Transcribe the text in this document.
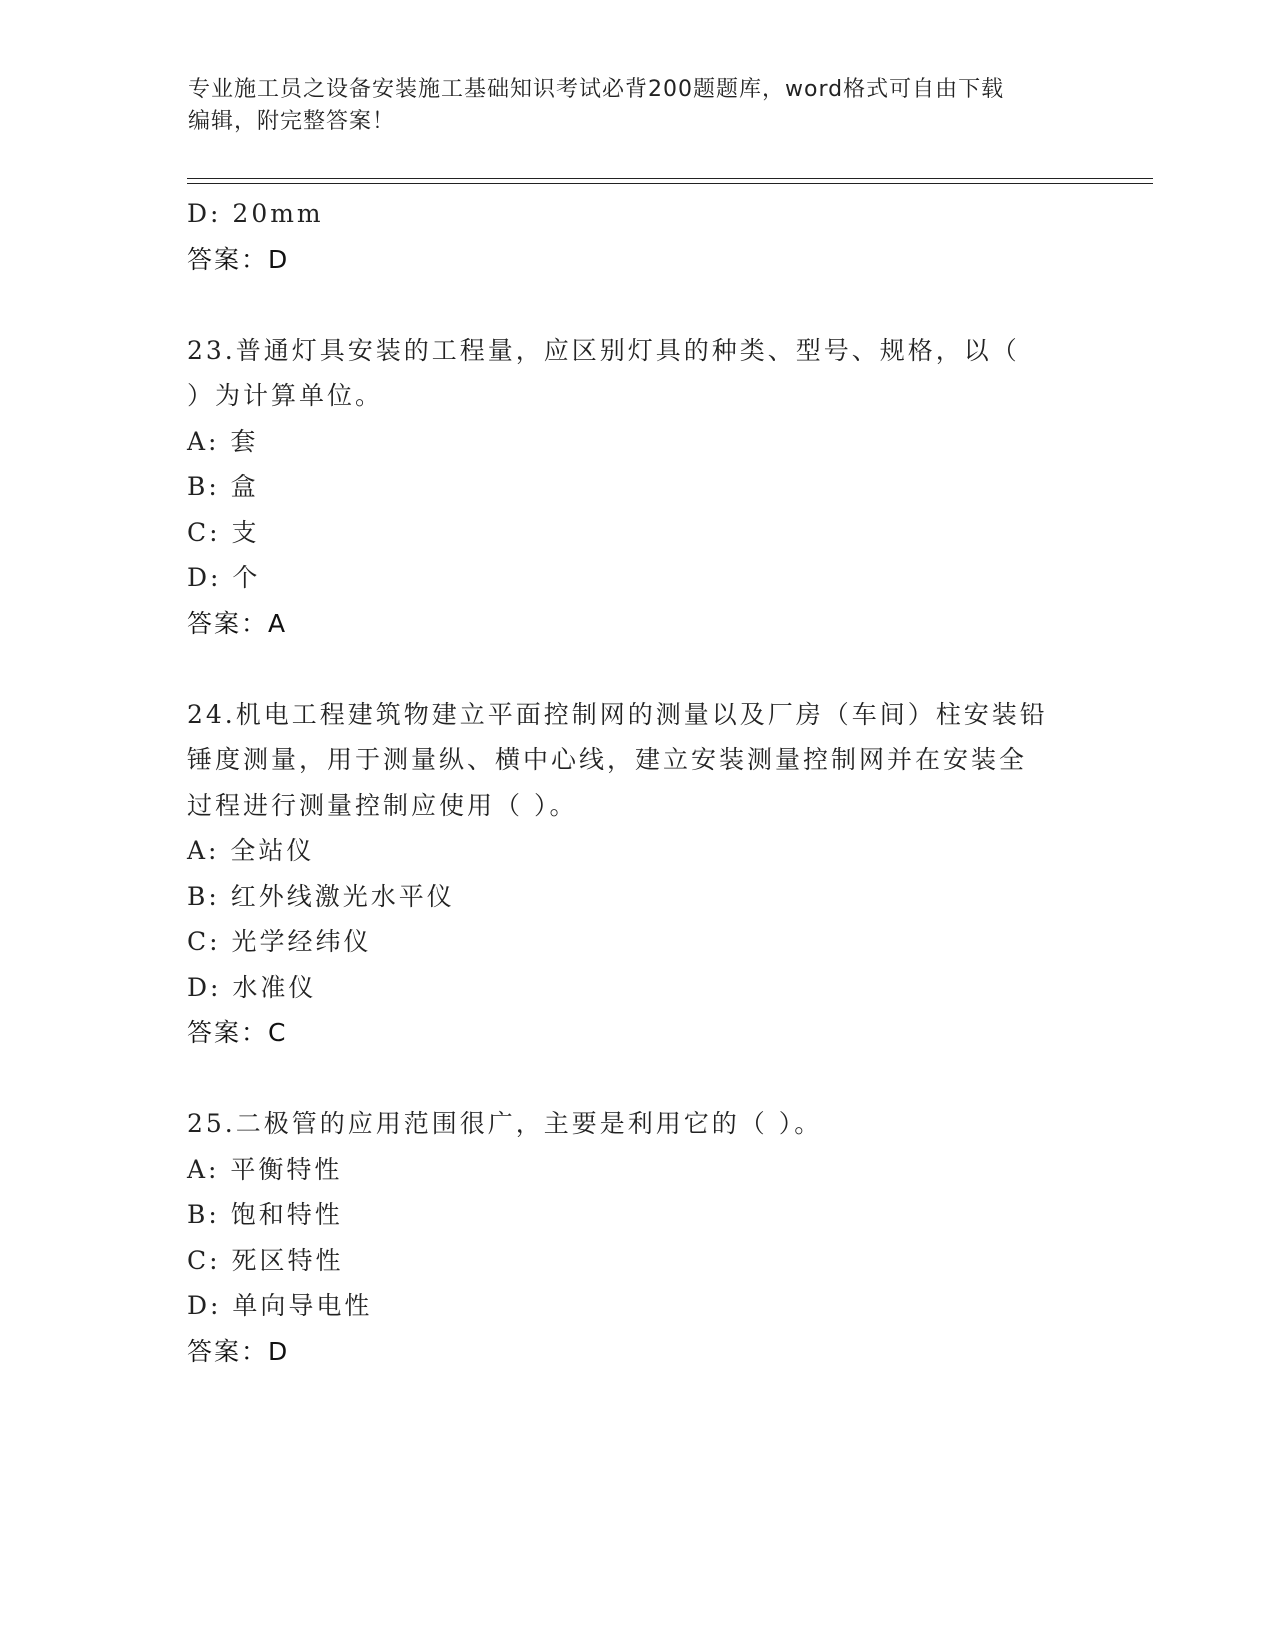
专业施工员之设备安装施工基础知识考试必背200题题库，word格式可自由下载
编辑，附完整答案！
D: 20mm
答案：D
23.普通灯具安装的工程量，应区别灯具的种类、型号、规格，以（
）为计算单位。
A: 套
B: 盒
C: 支
D: 个
答案：A
24.机电工程建筑物建立平面控制网的测量以及厂房（车间）柱安装铅
锤度测量，用于测量纵、横中心线，建立安装测量控制网并在安装全
过程进行测量控制应使用（ ）。
A: 全站仪
B: 红外线激光水平仪
C: 光学经纬仪
D: 水准仪
答案：C
25.二极管的应用范围很广，主要是利用它的（ ）。
A: 平衡特性
B: 饱和特性
C: 死区特性
D: 单向导电性
答案：D
